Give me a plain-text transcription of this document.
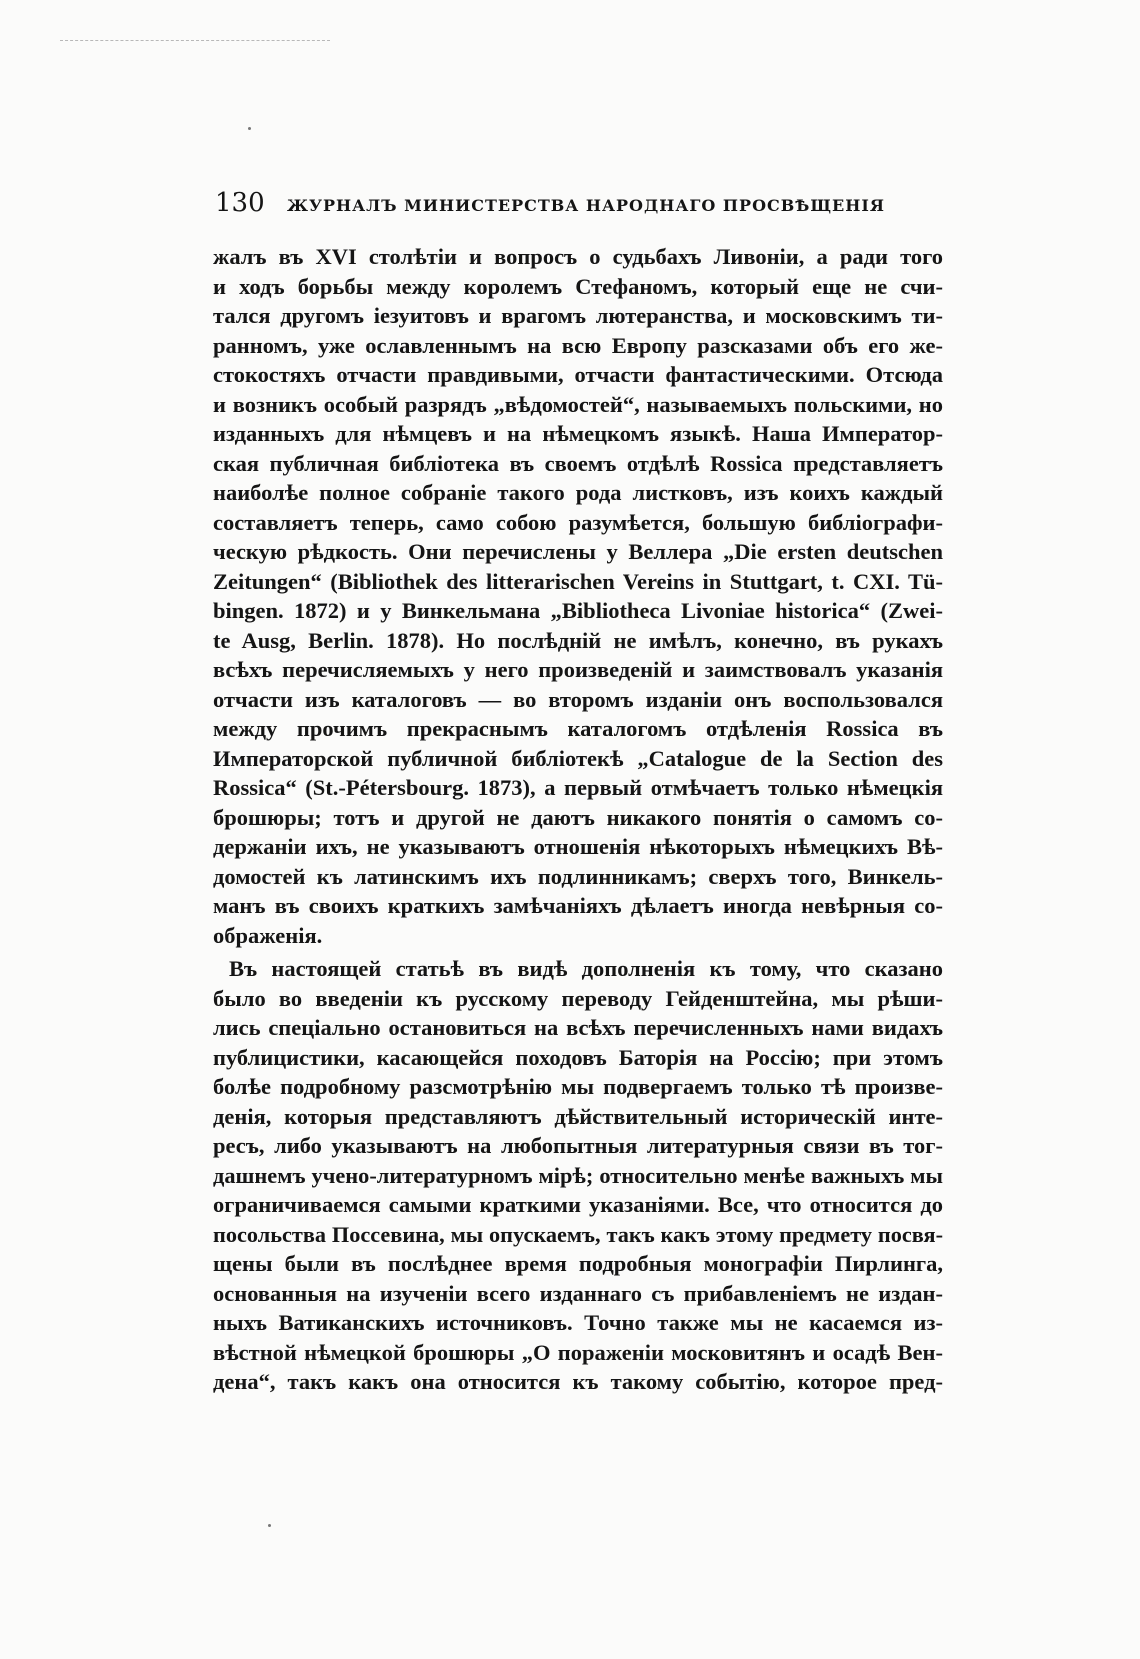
130 ЖУРНАЛЪ МИНИСТЕРСТВА НАРОДНАГО ПРОСВѢЩЕНІЯ
жалъ въ XVI столѣтіи и вопросъ о судьбахъ Ливоніи, а ради того
и ходъ борьбы между королемъ Стефаномъ, который еще не счи-
тался другомъ іезуитовъ и врагомъ лютеранства, и московскимъ ти-
ранномъ, уже ославленнымъ на всю Европу разсказами объ его же-
стокостяхъ отчасти правдивыми, отчасти фантастическими. Отсюда
и возникъ особый разрядъ „вѣдомостей“, называемыхъ польскими, но
изданныхъ для нѣмцевъ и на нѣмецкомъ языкѣ. Наша Император-
ская публичная библіотека въ своемъ отдѣлѣ Rossica представляетъ
наиболѣе полное собраніе такого рода листковъ, изъ коихъ каждый
составляетъ теперь, само собою разумѣется, большую библіографи-
ческую рѣдкость. Они перечислены у Веллера „Die ersten deutschen
Zeitungen“ (Bibliothek des litterarischen Vereins in Stuttgart, t. CXI. Tü-
bingen. 1872) и у Винкельмана „Bibliotheca Livoniae historica“ (Zwei-
te Ausg, Berlin. 1878). Но послѣдній не имѣлъ, конечно, въ рукахъ
всѣхъ перечисляемыхъ у него произведеній и заимствовалъ указанія
отчасти изъ каталоговъ — во второмъ изданіи онъ воспользовался
между прочимъ прекраснымъ каталогомъ отдѣленія Rossica въ
Императорской публичной библіотекѣ „Catalogue de la Section des
Rossica“ (St.-Pétersbourg. 1873), а первый отмѣчаетъ только нѣмецкія
брошюры; тотъ и другой не даютъ никакого понятія о самомъ со-
держаніи ихъ, не указываютъ отношенія нѣкоторыхъ нѣмецкихъ Вѣ-
домостей къ латинскимъ ихъ подлинникамъ; сверхъ того, Винкель-
манъ въ своихъ краткихъ замѣчаніяхъ дѣлаетъ иногда невѣрныя со-
ображенія.
Въ настоящей статьѣ въ видѣ дополненія къ тому, что сказано
было во введеніи къ русскому переводу Гейденштейна, мы рѣши-
лись спеціально остановиться на всѣхъ перечисленныхъ нами видахъ
публицистики, касающейся походовъ Баторія на Россію; при этомъ
болѣе подробному разсмотрѣнію мы подвергаемъ только тѣ произве-
денія, которыя представляютъ дѣйствительный историческій инте-
ресъ, либо указываютъ на любопытныя литературныя связи въ тог-
дашнемъ учено-литературномъ мірѣ; относительно менѣе важныхъ мы
ограничиваемся самыми краткими указаніями. Все, что относится до
посольства Поссевина, мы опускаемъ, такъ какъ этому предмету посвя-
щены были въ послѣднее время подробныя монографіи Пирлинга,
основанныя на изученіи всего изданнаго съ прибавленіемъ не издан-
ныхъ Ватиканскихъ источниковъ. Точно также мы не касаемся из-
вѣстной нѣмецкой брошюры „О пораженіи московитянъ и осадѣ Вен-
дена“, такъ какъ она относится къ такому событію, которое пред-
